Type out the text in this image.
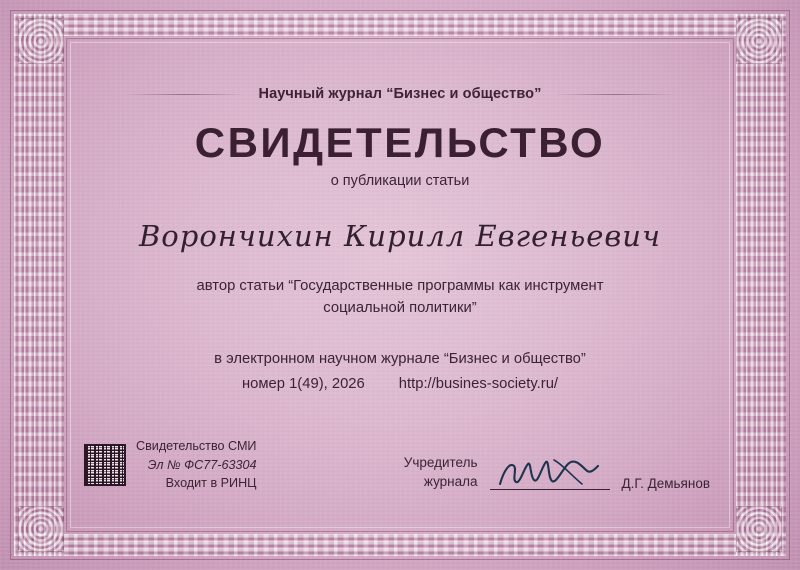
Научный журнал “Бизнес и общество”
СВИДЕТЕЛЬСТВО
о публикации статьи
Ворончихин Кирилл Евгеньевич
автор статьи “Государственные программы как инструмент
социальной политики”
в электронном научном журнале “Бизнес и общество”
номер 1(49), 2026 http://busines-society.ru/
Свидетельство СМИ
Эл № ФС77-63304
Входит в РИНЦ
Учредитель
журнала	Д.Г. Демьянов
